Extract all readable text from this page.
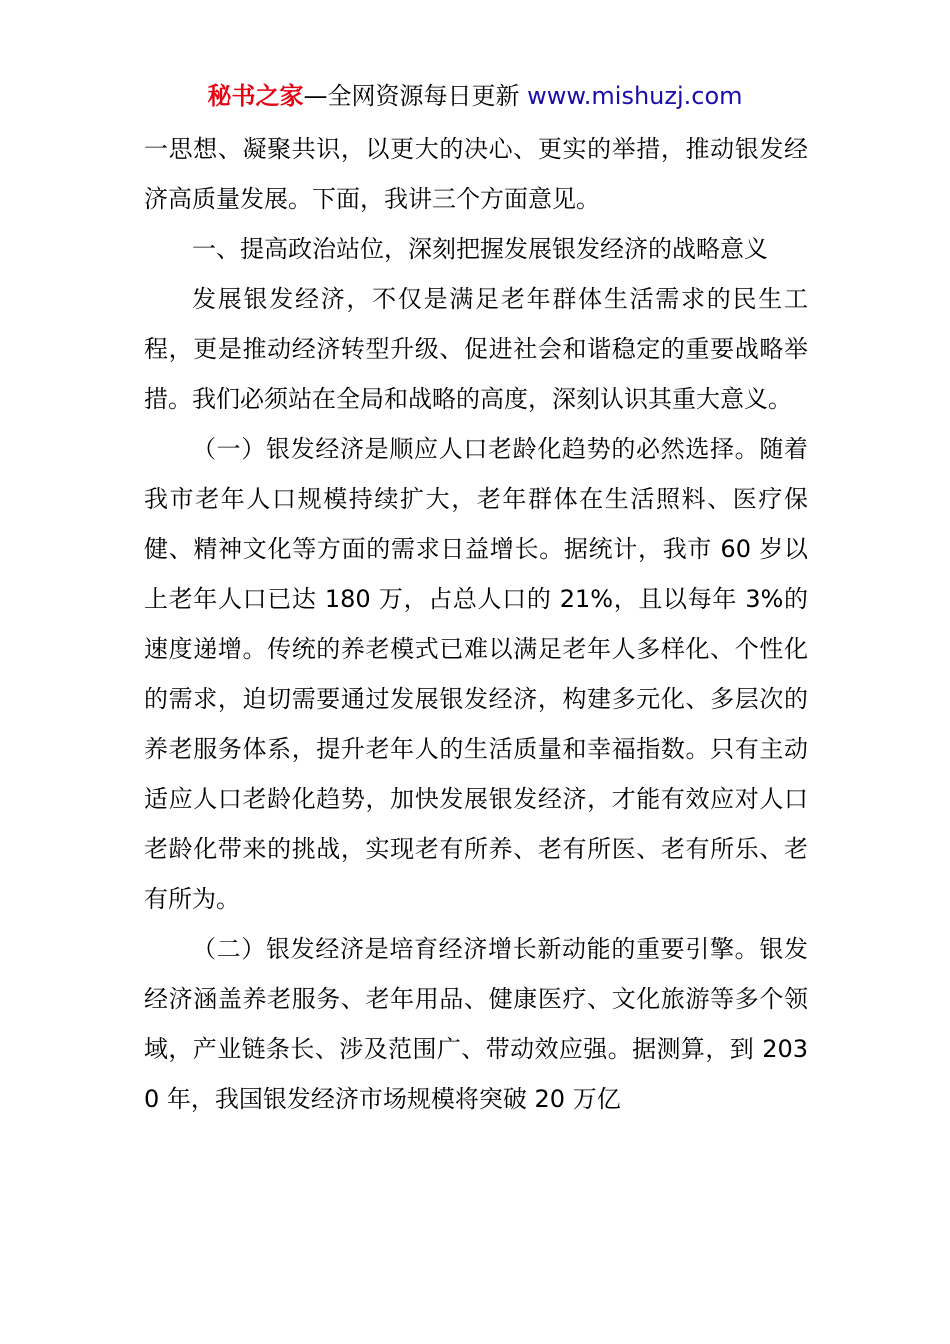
秘书之家—全网资源每日更新 www.mishuzj.com

一思想、凝聚共识，以更大的决心、更实的举措，推动银发经济高质量发展。下面，我讲三个方面意见。

一、提高政治站位，深刻把握发展银发经济的战略意义

发展银发经济，不仅是满足老年群体生活需求的民生工程，更是推动经济转型升级、促进社会和谐稳定的重要战略举措。我们必须站在全局和战略的高度，深刻认识其重大意义。

（一）银发经济是顺应人口老龄化趋势的必然选择。随着我市老年人口规模持续扩大，老年群体在生活照料、医疗保健、精神文化等方面的需求日益增长。据统计，我市 60 岁以上老年人口已达 180 万，占总人口的 21%，且以每年 3%的速度递增。传统的养老模式已难以满足老年人多样化、个性化的需求，迫切需要通过发展银发经济，构建多元化、多层次的养老服务体系，提升老年人的生活质量和幸福指数。只有主动适应人口老龄化趋势，加快发展银发经济，才能有效应对人口老龄化带来的挑战，实现老有所养、老有所医、老有所乐、老有所为。

（二）银发经济是培育经济增长新动能的重要引擎。银发经济涵盖养老服务、老年用品、健康医疗、文化旅游等多个领域，产业链条长、涉及范围广、带动效应强。据测算，到 2030 年，我国银发经济市场规模将突破 20 万亿
